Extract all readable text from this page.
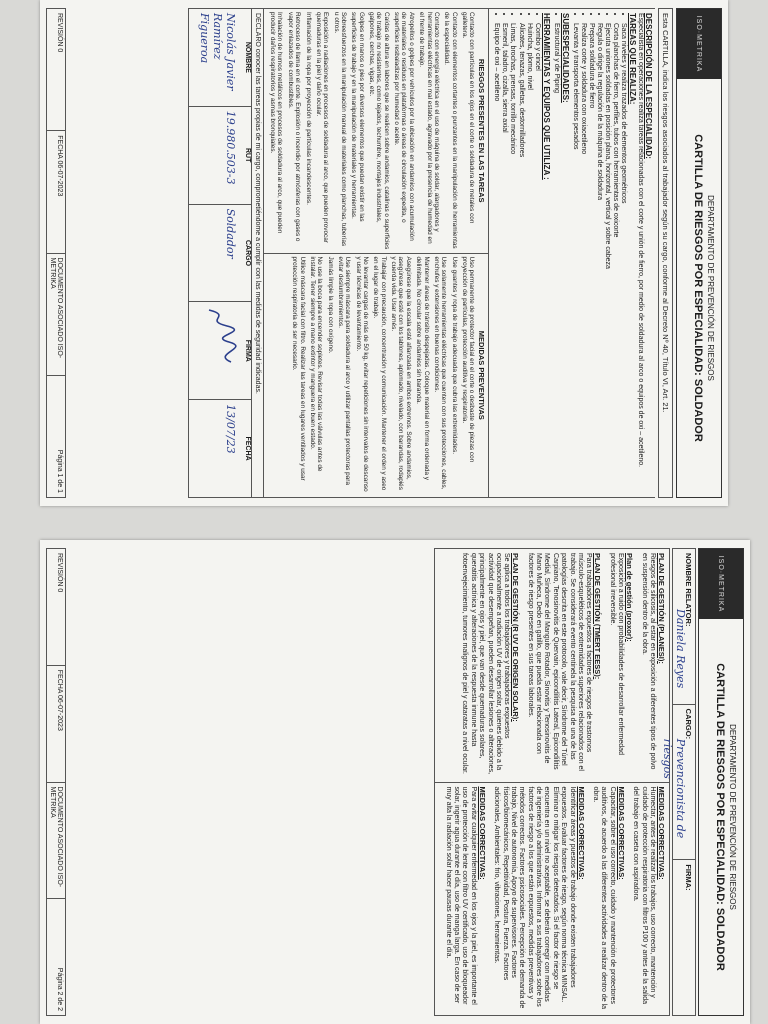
ISO·METRIKA
DEPARTAMENTO DE PREVENCIÓN DE RIESGOS
CARTILLA DE RIESGOS POR ESPECIALIDAD: SOLDADOR
Esta CARTILLA, indica los riesgos asociados al trabajador según su cargo, conforme al Decreto Nº 40, Título VI, Art. 21.
DESCRIPCIÓN DE LA ESPECIALIDAD:
Especialista en operaciones realiza tareas relacionadas con el corte y unión de fierro, por medio de soldadura al arco o equipos de oxi – acetileno.
TAREAS QUE REALIZA:
• Saca niveles y realiza trazados de elementos geométricos
• Corta planchas de fierro, perfiles, tubos con herramientas de oxicorte
• Ejecuta uniones soldadas en posición plana, horizontal, vertical y sobre cabeza
• Regula o dirige la regulación de la máquina de soldadura
• Prepara soldadura de fierro
• Realiza corte y soldadura con oxiacetileno
• Levanta y transporta elementos pesados
SUBESPECIALIDADES:
• Estructural y de Piping
HERRAMIENTAS Y EQUIPOS QUE UTILIZA :
• Combo y cincel
• Huincha, plomo, nivel
• Alicates, tenazas, galletas, destornilladores
• Limas, brochas, prensas, torrillo mecánico
• Esmeril, taladro, cizalla, sierra axial
• Equipo de oxi – acetileno
RIESGOS PRESENTES EN LAS TAREAS

Contacto con partículas en los ojos en el corte o soldadura de metales con galletera.

Contacto con elementos cortantes o punzantes en la manipulación de herramientas de la especialidad.

Contacto con energía eléctrica en el uso de máquina de soldar, alargadores y herramientas eléctricas en mal estado, agravado por la presencia de humedad en el frente de trabajo.

Atropellos o golpes por vehículos por la ubicación en andamios con acumulación de materiales o residuos en plataformas o áreas de circulación expedita, o superficies resbaladizas por humedad o aceite.

Caídas de altura en labores que se realicen sobre andamios, catalinas o superficies de trabajo no resistentes, como tejados, techumbre, montajes industriales, galpones, cerchas, vigas, etc.

Golpes en manos o pies por diversos elementos que puedan existir en las superficies de trabajo y en la manipulación de materiales y herramientas.

Sobreesfuerzos en la manipulación manual de materiales como planchas, tuberías u otros.

Exposición a radiaciones en procesos de soldadura al arco, que pueden provocar quemaduras en la piel y daño ocular.

Inflamación de la ropa por proyección de partículas incandescentes.

Retroceso de llama en el corte. Explosión o incendio por atmósferas con gases o vapor enlazados de combustibles.

Inhalación de humos metálicos en procesos de soldadura al arco, que pueden producir daños respiratorios y asmas bronquiales.

MEDIDAS PREVENTIVAS

Uso permanente de protector facial en el corte o desbaste de piezas con proyección de partículas, protección auditiva y respiratoria.

Use guantes y ropa de trabajo adecuada que cubra las extremidades.

Use solamente herramientas eléctricas que cuenten con sus protecciones, cables, enchufes y extensiones en buenas condiciones.

Mantener áreas de tránsito despejadas. Coloque material en forma ordenada y delimitada. No circular sobre andamios sin baranda.

Asegúrese que la escala esté afianzada en ambos extremos. Sobre andamios, asegúrese que esté con los tablones, aplomado, nivelado, con barandas, rodapiés y cuerda vida. Usar arnés.

Trabajar con precaución, concentración y comunicación. Mantener el orden y aseo en el lugar de trabajo.

No levantar cargas de más de 50 kg, evitar repeticiones sin intervalos de descanso y usar técnicas de levantamiento.

Use siempre máscara para soldadura al arco y utilizar pantallas protectoras para evitar deslumbramientos.

Jamás limpie la ropa con oxígeno.

No use la boca para encender sopletes. Revisar todas las válvulas antes de instalar. Tener siempre a mano extintor y manguera en buen estado.

Utilice máscara facial con filtro. Realizar las tareas en lugares ventilados y usar protección respiratoria de ser necesario.

DECLARO conocer las tareas propias de mi cargo, comprometiéndome a cumplir con las medidas de seguridad indicadas.
NOMBRE
Nicolás Javier Ramírez Figueroa
RUT
19.980.503-3
CARGO
Soldador
FIRMA
FECHA
13/07/23
REVISIÓN 0
FECHA 06-07-2023
DOCUMENTO ASOCIADO ISO-METRIKA
Página 1 de 1
ISO·METRIKA
DEPARTAMENTO DE PREVENCIÓN DE RIESGOS
CARTILLA DE RIESGOS POR ESPECIALIDAD: SOLDADOR
NOMBRE RELATOR:
Daniela Reyes
CARGO:
Prevencionista de riesgos
FIRMA:
PLAN DE GESTIÓN (PLANESI):

Riesgos de silicosis, al estar en exposición a diferentes tipos de polvo en suspensión dentro de la obra.

Plan de gestión (proxor):

Exposición a ruido con probabilidades de desarrollar enfermedad profesional irreversible.

PLAN DE GESTIÓN (TMERT EESS):

Para trabajadores expuestos a factores de riesgos de trastornos músculo-esqueléticos de extremidades superiores relacionados con el trabajo. Se considerará evento centinela la pesquisa de una de las patologías descrita en este protocolo, vale decir, Síndrome del Túnel Carpiano, Tenosinovitis de Quervain, epicondilitis Lateral, Epicondilitis Medial, Síndrome del Manguito Rotador, Sinovitis y Tenosinovitis de Mano Muñeca, Dedo en gatillo, que pueda estar relacionada con factores de riesgo presentes en sus tareas laborales.

PLAN DE GESTIÓN (R UV DE ORIGEN SOLAR):

Se aplica a todos los trabajadores y trabajadoras expuestos ocupacionalmente a radiación UV de origen solar, quienes debido a la actividad que desempeñan, pueden desarrollar lesiones o alteraciones, principalmente en ojos y piel, que van desde quemaduras solares, queratitis actínica y alteraciones de la respuesta inmune hasta fotoenvejecimiento, tumores malignos de piel y cataratas a nivel ocular.

MEDIDAS CORRECTIVAS:

Humectar, antes de realizar los trabajos, uso correcto, mantención y cuidado de protección respiratoria con filtros P100 y antes de la salida del trabajo en caseta con aspiradora.

MEDIDAS CORRECTIVAS:

Capacitar, sobre el uso correcto, cuidado y mantención de protectores auditivos, de acuerdo a las diferentes actividades a realizar dentro de la obra.

MEDIDAS CORRECTIVAS:

Identificar áreas y puestos de trabajo donde existen trabajadores expuestos. Evaluar factores de riesgo, según norma técnica MINSAL. Eliminar o mitigar los riesgos detectados. Si el factor de riesgo se encuentra en un nivel no aceptable, se deberán corregir con medidas de ingeniería y/o administrativas. Informar a sus trabajadores sobre los factores de riesgo a los que están expuestos, medidas preventivas y métodos correctos. Factores psicosociales. Percepción de demanda de trabajo, Nivel de autonomía, Apoyo de supervisores. Factores físicos/biomecánicos, Repetitividad, Postura, Fuerza. Factores adicionales, Ambientales: frío, vibraciones, herramientas.

MEDIDAS CORRECTIVAS:

Para evitar cualquier enfermedad en los ojos y la piel, es importante el uso de protección de lente con filtro UV certificado, uso de bloqueador solar, ingerir agua durante el día, uso de manga larga. En caso de ser muy alta la radiación solar hacer pausas durante el día.

REVISIÓN 0
FECHA 06-07-2023
DOCUMENTO ASOCIADO ISO-METRIKA
Página 2 de 2
